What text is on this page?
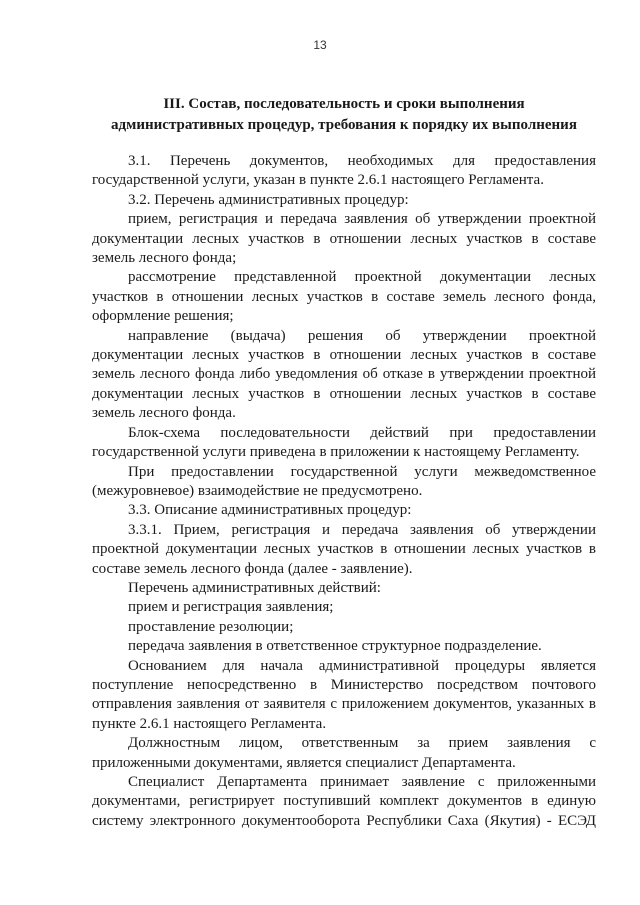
13
III. Состав, последовательность и сроки выполнения
административных процедур, требования к порядку их выполнения

3.1. Перечень документов, необходимых для предоставления
государственной услуги, указан в пункте 2.6.1 настоящего Регламента.

3.2. Перечень административных процедур:

прием, регистрация и передача заявления об утверждении проектной
документации лесных участков в отношении лесных участков в составе
земель лесного фонда;

рассмотрение представленной проектной документации лесных
участков в отношении лесных участков в составе земель лесного фонда,
оформление решения;

направление (выдача) решения об утверждении проектной
документации лесных участков в отношении лесных участков в составе
земель лесного фонда либо уведомления об отказе в утверждении проектной
документации лесных участков в отношении лесных участков в составе
земель лесного фонда.

Блок-схема последовательности действий при предоставлении
государственной услуги приведена в приложении к настоящему Регламенту.

При предоставлении государственной услуги межведомственное
(межуровневое) взаимодействие не предусмотрено.

3.3. Описание административных процедур:

3.3.1. Прием, регистрация и передача заявления об утверждении
проектной документации лесных участков в отношении лесных участков в
составе земель лесного фонда (далее - заявление).

Перечень административных действий:

прием и регистрация заявления;

проставление резолюции;

передача заявления в ответственное структурное подразделение.

Основанием для начала административной процедуры является
поступление непосредственно в Министерство посредством почтового
отправления заявления от заявителя с приложением документов, указанных в
пункте 2.6.1 настоящего Регламента.

Должностным лицом, ответственным за прием заявления с
приложенными документами, является специалист Департамента.

Специалист Департамента принимает заявление с приложенными
документами, регистрирует поступивший комплект документов в единую
систему электронного документооборота Республики Саха (Якутия) - ЕСЭД
